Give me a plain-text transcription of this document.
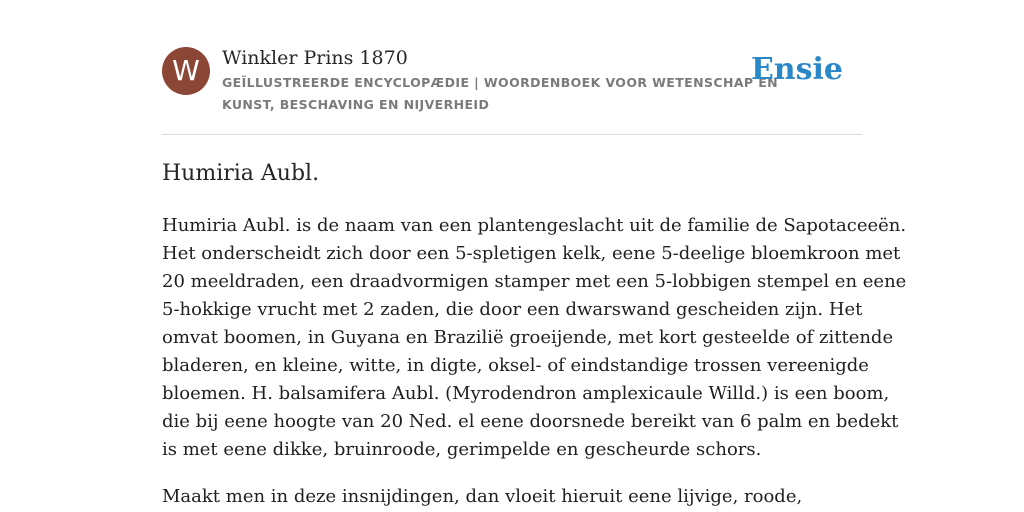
W	Winkler Prins 1870
GEÏLLUSTREERDE ENCYCLOPÆDIE | WOORDENBOEK VOOR WETENSCHAP EN
KUNST, BESCHAVING EN NIJVERHEID
Ensie
Humiria Aubl.

Humiria Aubl. is de naam van een plantengeslacht uit de familie de Sapotaceeën.
Het onderscheidt zich door een 5-spletigen kelk, eene 5-deelige bloemkroon met
20 meeldraden, een draadvormigen stamper met een 5-lobbigen stempel en eene
5-hokkige vrucht met 2 zaden, die door een dwarswand gescheiden zijn. Het
omvat boomen, in Guyana en Brazilië groeijende, met kort gesteelde of zittende
bladeren, en kleine, witte, in digte, oksel- of eindstandige trossen vereenigde
bloemen. H. balsamifera Aubl. (Myrodendron amplexicaule Willd.) is een boom,
die bij eene hoogte van 20 Ned. el eene doorsnede bereikt van 6 palm en bedekt
is met eene dikke, bruinroode, gerimpelde en gescheurde schors.

Maakt men in deze insnijdingen, dan vloeit hieruit eene lijvige, roode,
